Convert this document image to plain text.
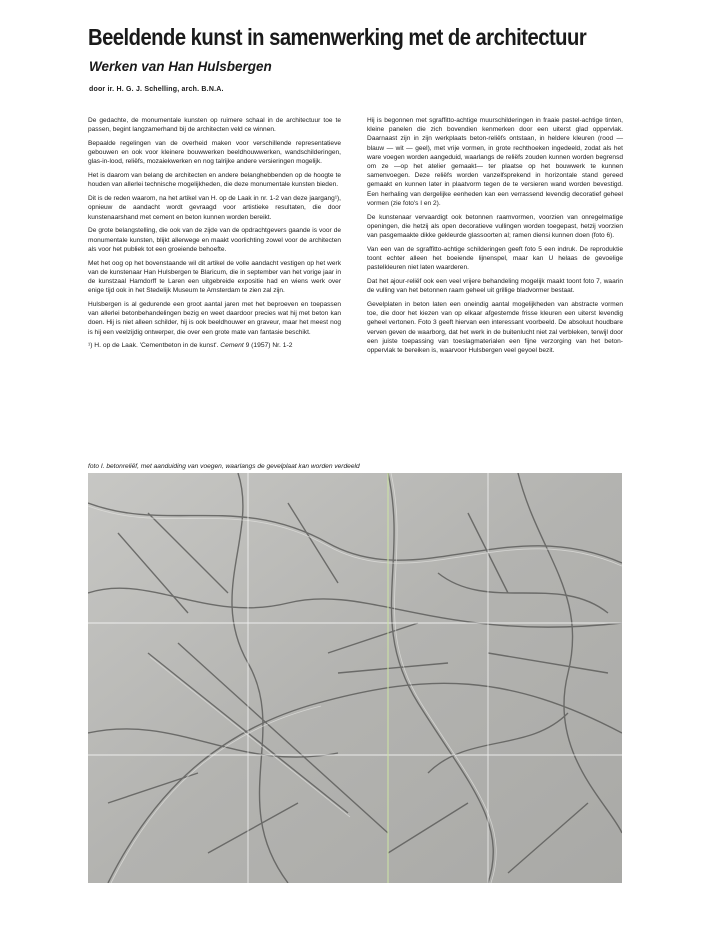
Beeldende kunst in samenwerking met de architectuur
Werken van Han Hulsbergen

door ir. H. G. J. Schelling, arch. B.N.A.

De gedachte, de monumentale kunsten op ruimere schaal in de architectuur toe te passen, begint langzamerhand bij de architecten veld ce winnen.

Bepaalde regelingen van de overheid maken voor verschillende representatieve gebouwen en ook voor kleinere bouwwerken beeldhouwwerken, wandschilderingen, glas-in-lood, reliëfs, mozaiekwerken en nog talrijke andere versieringen mogelijk.

Het is daarom van belang de architecten en andere belanghebbenden op de hoogte te houden van allerlei technische mogelijkheden, die deze monumentale kunsten bieden.

Dit is de reden waarom, na het artikel van H. op de Laak in nr. 1-2 van deze jaargang¹), opnieuw de aandacht wordt gevraagd voor artistieke resultaten, die door kunstenaarshand met cement en beton kunnen worden bereikt.

De grote belangstelling, die ook van de zijde van de opdrachtgevers gaande is voor de monumentale kunsten, blijkt allerwege en maakt voorlichting zowel voor de architecten als voor het publiek tot een groeiende behoefte.

Met het oog op het bovenstaande wil dit artikel de volle aandacht vestigen op het werk van de kunstenaar Han Hulsbergen te Blaricum, die in september van het vorige jaar in de kunstzaal Hamdorff te Laren een uitgebreide expositie had en wiens werk over enige tijd ook in het Stedelijk Museum te Amsterdam te zien zal zijn.

Hulsbergen is al gedurende een groot aantal jaren met het beproeven en toepassen van allerlei betonbehandelingen bezig en weet daardoor precies wat hij met beton kan doen. Hij is niet alleen schilder, hij is ook beeldhouwer en graveur, maar het meest nog is hij een veelzijdig ontwerper, die over een grote mate van fantasie beschikt.

¹) H. op de Laak. 'Cementbeton in de kunst'. Cement 9 (1957) Nr. 1-2

Hij is begonnen met sgraffitto-achtige muurschilderingen in fraaie pastel-achtige tinten, kleine panelen die zich bovendien kenmerken door een uiterst glad oppervlak. Daarnaast zijn in zijn werkplaats beton-reliëfs ontstaan, in heldere kleuren (rood — blauw — wit — geel), met vrije vormen, in grote rechthoeken ingedeeld, zodat als het ware voegen worden aangeduid, waarlangs de reliëfs zouden kunnen worden begrensd om ze —op het atelier gemaakt— ter plaatse op het bouwwerk te kunnen samenvoegen. Deze reliëfs worden vanzelfsprekend in horizontale stand gereed gemaakt en kunnen later in plaatvorm tegen de te versieren wand worden bevestigd. Een herhaling van dergelijke eenheden kan een verrassend levendig decoratief geheel vormen (zie foto's I en 2).

De kunstenaar vervaardigt ook betonnen raamvormen, voorzien van onregelmatige openingen, die hetzij als open decoratieve vullingen worden toegepast, hetzij voorzien van pasgemaakte dikke gekleurde glassoorten al; ramen diensi kunnen doen (foto 6).

Van een van de sgraffitto-achtige schilderingen geeft foto 5 een indruk. De reproduktie toont echter alleen het boeiende lijnenspel, maar kan U helaas de gevoelige pastelkleuren niet laten waarderen.

Dat het ajour-reliëf ook een veel vrijere behandeling mogelijk maakt toont foto 7, waarin de vulling van het betonnen raam geheel uit grillige bladvormer bestaat.

Gevelplaten in beton laten een oneindig aantal mogelijkheden van abstracte vormen toe, die door het kiezen van op elkaar afgestemde frisse kleuren een uiterst levendig geheel vertonen. Foto 3 geeft hiervan een interessant voorbeeld. De absoluut houdbare verven geven de waarborg, dat het werk in de buitenlucht niet zal verbleken, terwijl door een juiste toepassing van toeslagmaterialen een fijne verzorging van het beton-oppervlak te bereiken is, waarvoor Hulsbergen veel geyoel bezit.

foto I. betonreliëf, met aanduiding van voegen, waarlangs de gevelplaat kan worden verdeeld
